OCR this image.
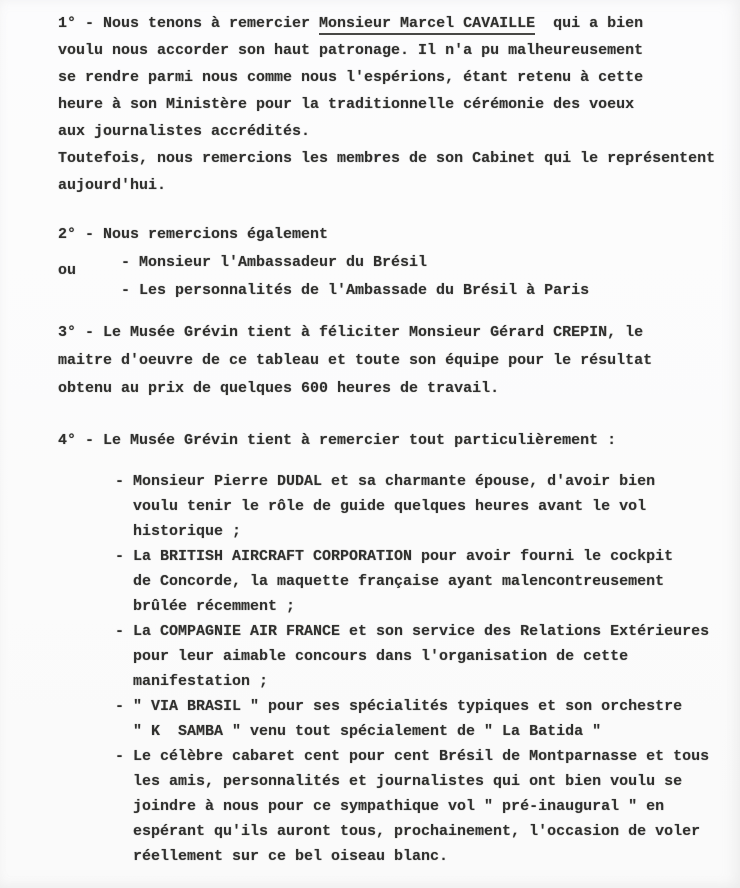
1° - Nous tenons à remercier Monsieur Marcel CAVAILLE  qui a bien
voulu nous accorder son haut patronage. Il n'a pu malheureusement
se rendre parmi nous comme nous l'espérions, étant retenu à cette
heure à son Ministère pour la traditionnelle cérémonie des voeux
aux journalistes accrédités.
Toutefois, nous remercions les membres de son Cabinet qui le représentent
aujourd'hui.
2° - Nous remercions également
- Monsieur l'Ambassadeur du Brésil
- Les personnalités de l'Ambassade du Brésil à Paris
ou
3° - Le Musée Grévin tient à féliciter Monsieur Gérard CREPIN, le
maitre d'oeuvre de ce tableau et toute son équipe pour le résultat
obtenu au prix de quelques 600 heures de travail.
4° - Le Musée Grévin tient à remercier tout particulièrement :
- Monsieur Pierre DUDAL et sa charmante épouse, d'avoir bien
voulu tenir le rôle de guide quelques heures avant le vol
historique ;
- La BRITISH AIRCRAFT CORPORATION pour avoir fourni le cockpit
de Concorde, la maquette française ayant malencontreusement
brûlée récemment ;
- La COMPAGNIE AIR FRANCE et son service des Relations Extérieures
pour leur aimable concours dans l'organisation de cette
manifestation ;
- " VIA BRASIL " pour ses spécialités typiques et son orchestre
" K  SAMBA " venu tout spécialement de " La Batida "
- Le célèbre cabaret cent pour cent Brésil de Montparnasse et tous
les amis, personnalités et journalistes qui ont bien voulu se
joindre à nous pour ce sympathique vol " pré-inaugural " en
espérant qu'ils auront tous, prochainement, l'occasion de voler
réellement sur ce bel oiseau blanc.
